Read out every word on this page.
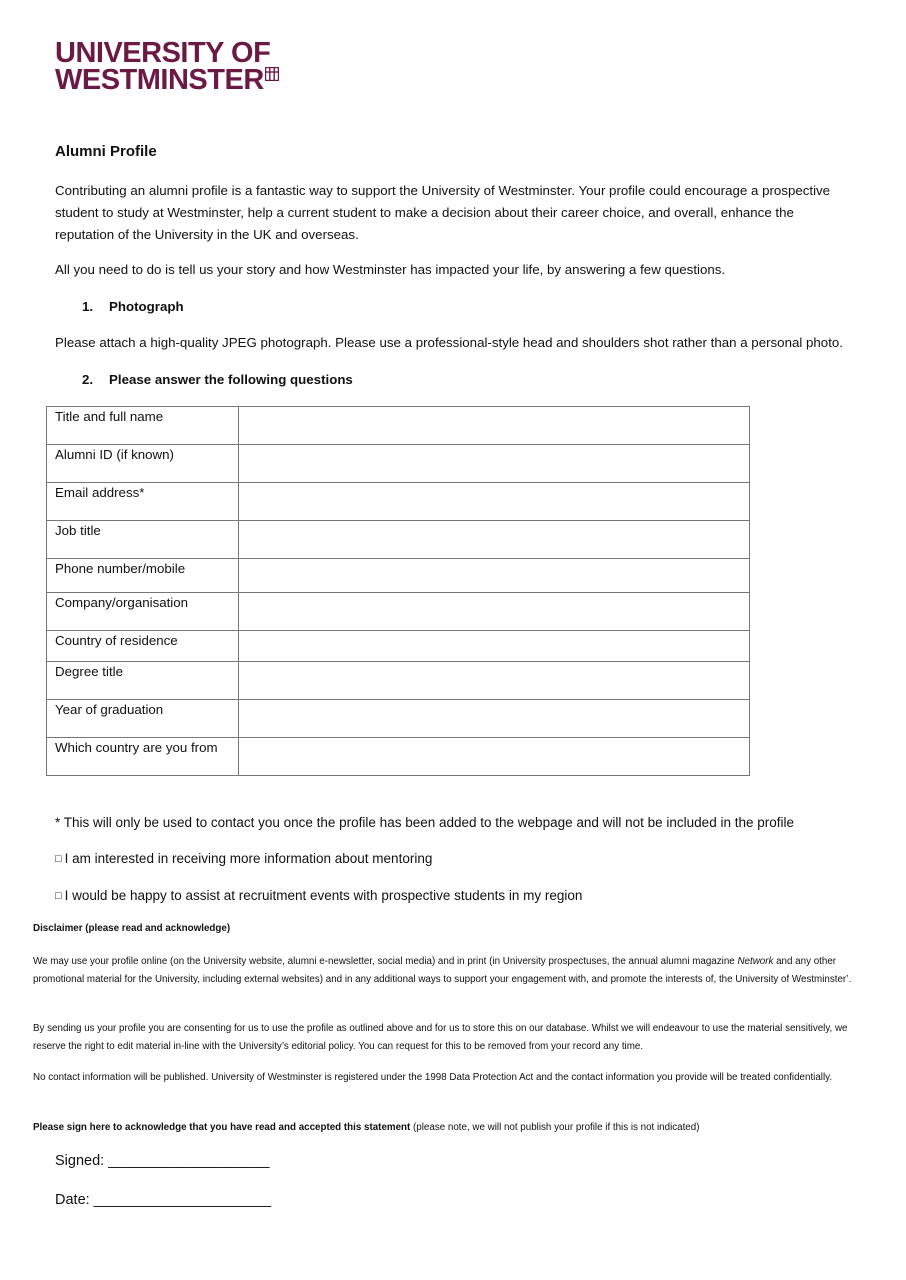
UNIVERSITY OF
WESTMINSTER
Alumni Profile
Contributing an alumni profile is a fantastic way to support the University of Westminster. Your profile could encourage a prospective student to study at Westminster, help a current student to make a decision about their career choice, and overall, enhance the reputation of the University in the UK and overseas.
All you need to do is tell us your story and how Westminster has impacted your life, by answering a few questions.
1. Photograph
Please attach a high-quality JPEG photograph. Please use a professional-style head and shoulders shot rather than a personal photo.
2. Please answer the following questions
Title and full name	
Alumni ID (if known)	
Email address*	
Job title	
Phone number/mobile	
Company/organisation	
Country of residence	
Degree title	
Year of graduation	
Which country are you from	
* This will only be used to contact you once the profile has been added to the webpage and will not be included in the profile
□ I am interested in receiving more information about mentoring
□ I would be happy to assist at recruitment events with prospective students in my region
Disclaimer (please read and acknowledge)
We may use your profile online (on the University website, alumni e-newsletter, social media) and in print (in University prospectuses, the annual alumni magazine Network and any other promotional material for the University, including external websites) and in any additional ways to support your engagement with, and promote the interests of, the University of Westminster’.
By sending us your profile you are consenting for us to use the profile as outlined above and for us to store this on our database. Whilst we will endeavour to use the material sensitively, we reserve the right to edit material in-line with the University’s editorial policy. You can request for this to be removed from your record any time.
No contact information will be published. University of Westminster is registered under the 1998 Data Protection Act and the contact information you provide will be treated confidentially.
Please sign here to acknowledge that you have read and accepted this statement (please note, we will not publish your profile if this is not indicated)
Signed: ____________________
Date: ______________________
